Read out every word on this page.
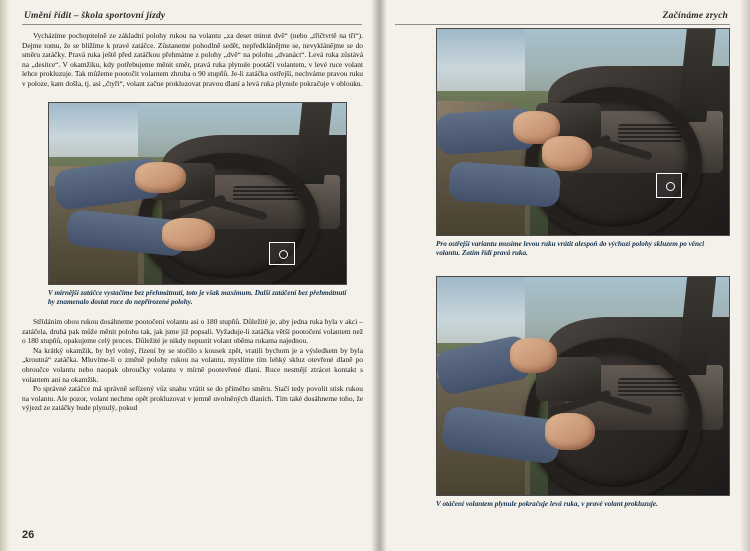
Umění řídit – škola sportovní jízdy	Začínáme zrych

Vycházíme pochopitelně ze základní polohy rukou na volantu „za deset minut dvě“ (nebo „třičtvrtě na tři“). Dejme tomu, že se blížíme k pravé zatáčce. Zůstaneme pohodlně sedět, nepředklánějme se, nevyklánějme se do směru zatáčky. Pravá ruka ještě před zatáčkou přehmátne z polohy „dvě“ na polohu „dvanáct“. Levá ruka zůstává na „desítce“. V okamžiku, kdy potřebujeme měnit směr, pravá ruka plynule pootáčí volantem, v levé ruce volant lehce prokluzuje. Tak můžeme pootočit volantem zhruba o 90 stupňů. Je-li zatáčka ostřejší, nechváme pravou ruku v poloze, kam došla, tj. asi „čtyři“, volant začne prokluzovat pravou dlaní a levá ruka plynule pokračuje v oblouku.

V mírnější zatáčce vystačíme bez přehmátnutí, toto je však maximum. Další zatáčení bez přehmátnutí by znamenalo dostat ruce do nepřirozené polohy.

Střídáním obou rukou dosáhneme pootočení volantu asi o 180 stupňů. Důležité je, aby jedna ruka byla v akci – zatáčela, druhá pak může měnit polohu tak, jak jsme již popsali. Vyžaduje-li zatáčka větší pootočení volantem než o 180 stupňů, opakujeme celý proces. Důležité je nikdy nepustit volant oběma rukama najednou.

Na krátký okamžik, by byl volný, řízení by se stočilo s kousek zpět, vratili bychom je a výsledkem by byla „kroutná“ zatáčka. Mluvíme-li o změně polohy rukou na volantu, myslíme tím lehký skluz otevřené dlaně po obroučce volantu nebo naopak obroučky volantu v mírně pootevřené dlani. Ruce nesmějí ztrácet kontakt s volantem ani na okamžik.

Po správné zatáčce má správně seřízený vůz snahu vrátit se do přímého směru. Stačí tedy povolit stisk rukou na volantu. Ale pozor, volant nechme opět prokluzovat v jemně uvolněných dlaních. Tím také dosáhneme toho, že výjezd ze zatáčky bude plynulý, pokud

26
Pro ostřejší variantu musíme levou ruku vrátit alespoň do výchozí polohy skluzem po věnci volantu. Zatím řídí pravá ruka.
V otáčení volantem plynule pokračuje levá ruka, v pravé volant prokluzuje.
